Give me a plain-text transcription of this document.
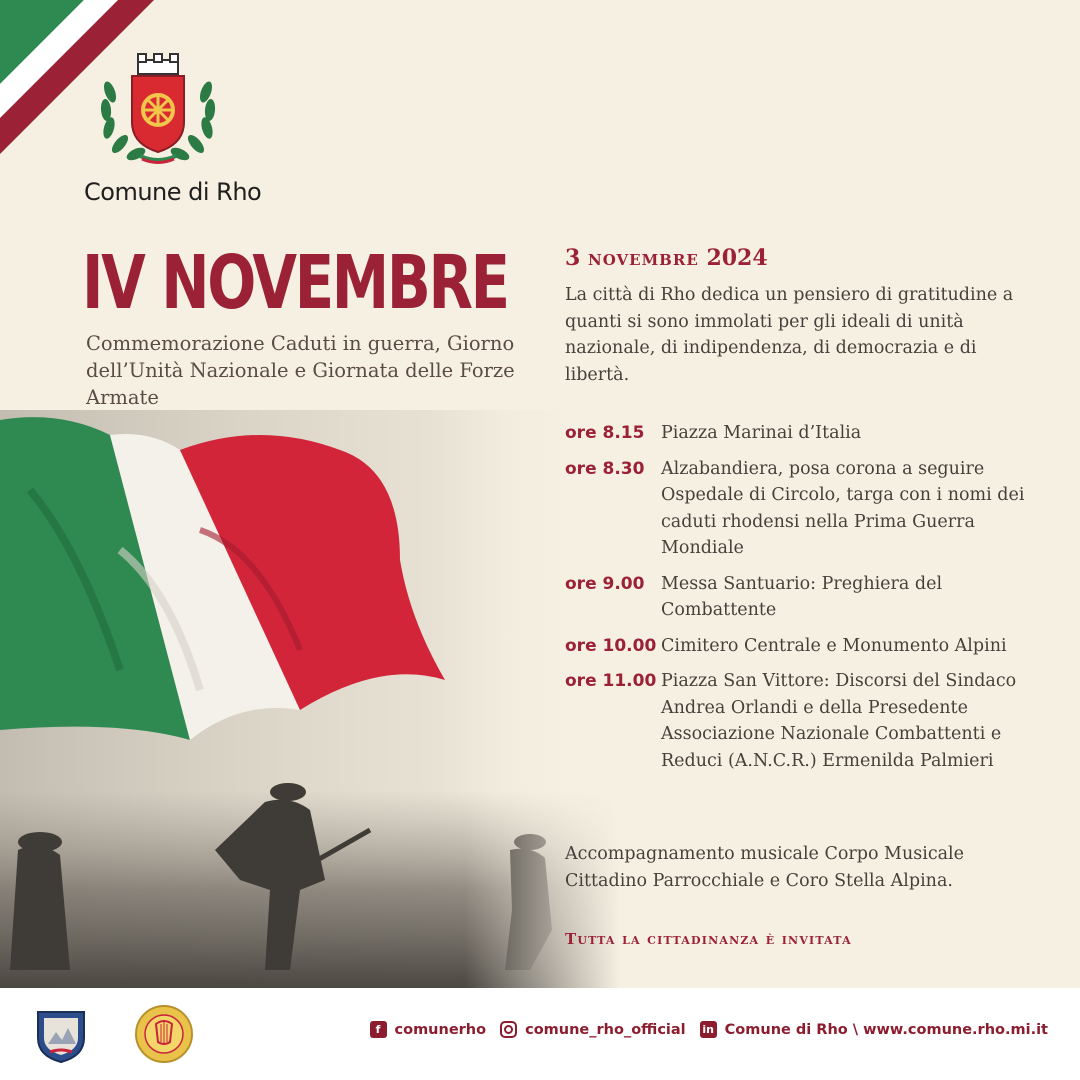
Comune di Rho
IV NOVEMBRE
Commemorazione Caduti in guerra, Giorno dell’Unità Nazionale e Giornata delle Forze Armate
3 NOVEMBRE 2024
La città di Rho dedica un pensiero di gratitudine a quanti si sono immolati per gli ideali di unità nazionale, di indipendenza, di democrazia e di libertà.
ore 8.15 Piazza Marinai d’Italia
ore 8.30 Alzabandiera, posa corona a seguire Ospedale di Circolo, targa con i nomi dei caduti rhodensi nella Prima Guerra Mondiale
ore 9.00 Messa Santuario: Preghiera del Combattente
ore 10.00 Cimitero Centrale e Monumento Alpini
ore 11.00 Piazza San Vittore: Discorsi del Sindaco Andrea Orlandi e della Presedente Associazione Nazionale Combattenti e Reduci (A.N.C.R.) Ermenilda Palmieri
Accompagnamento musicale Corpo Musicale Cittadino Parrocchiale e Coro Stella Alpina.
Tutta la cittadinanza è invitata
f comunerho	comune_rho_official in Comune di Rho \ www.comune.rho.mi.it
